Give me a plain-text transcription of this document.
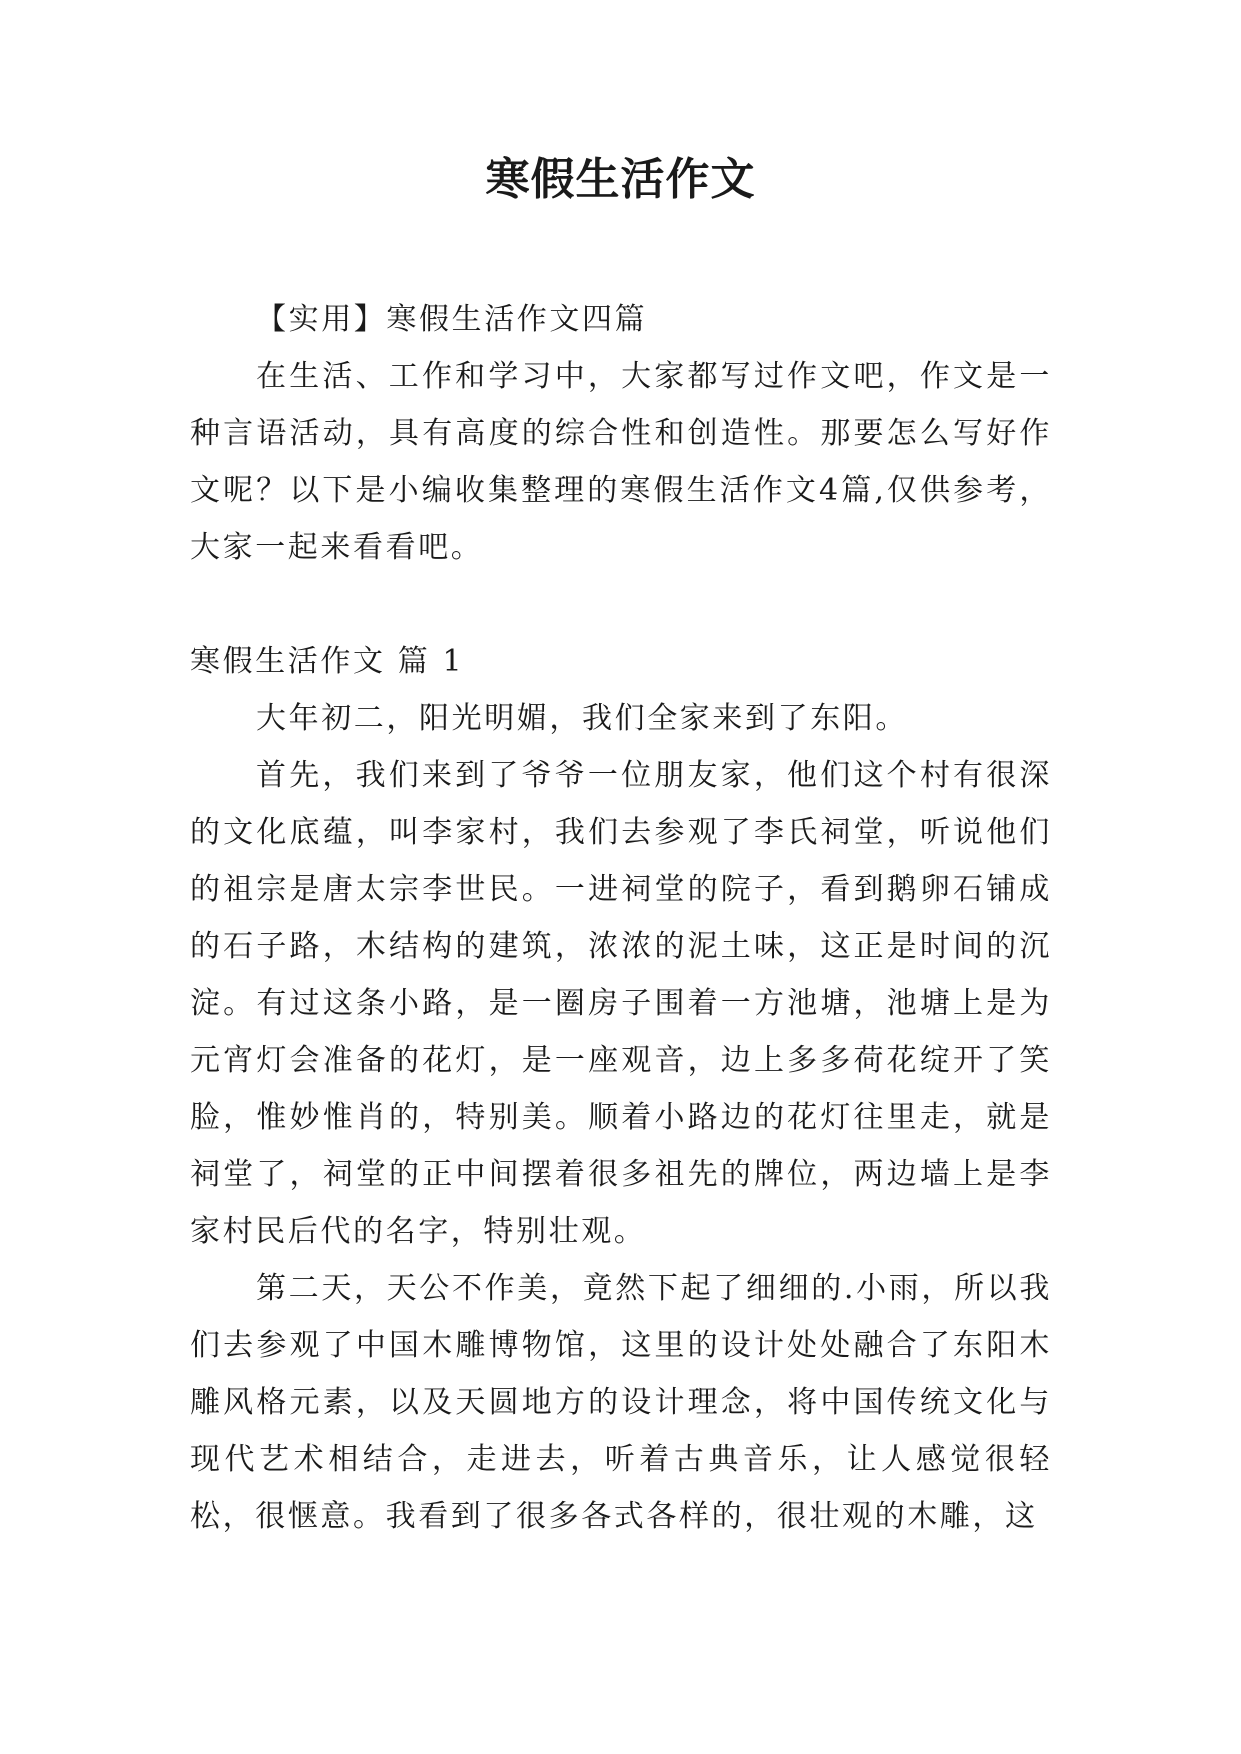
寒假生活作文

【实用】寒假生活作文四篇

在生活、工作和学习中，大家都写过作文吧，作文是一种言语活动，具有高度的综合性和创造性。那要怎么写好作文呢？以下是小编收集整理的寒假生活作文4篇,仅供参考，大家一起来看看吧。

寒假生活作文 篇 1

大年初二，阳光明媚，我们全家来到了东阳。

首先，我们来到了爷爷一位朋友家，他们这个村有很深的文化底蕴，叫李家村，我们去参观了李氏祠堂，听说他们的祖宗是唐太宗李世民。一进祠堂的院子，看到鹅卵石铺成的石子路，木结构的建筑，浓浓的泥土味，这正是时间的沉淀。有过这条小路，是一圈房子围着一方池塘，池塘上是为元宵灯会准备的花灯，是一座观音，边上多多荷花绽开了笑脸，惟妙惟肖的，特别美。顺着小路边的花灯往里走，就是祠堂了，祠堂的正中间摆着很多祖先的牌位，两边墙上是李家村民后代的名字，特别壮观。

第二天，天公不作美，竟然下起了细细的.小雨，所以我们去参观了中国木雕博物馆，这里的设计处处融合了东阳木雕风格元素，以及天圆地方的设计理念，将中国传统文化与现代艺术相结合，走进去，听着古典音乐，让人感觉很轻松，很惬意。我看到了很多各式各样的，很壮观的木雕，这
